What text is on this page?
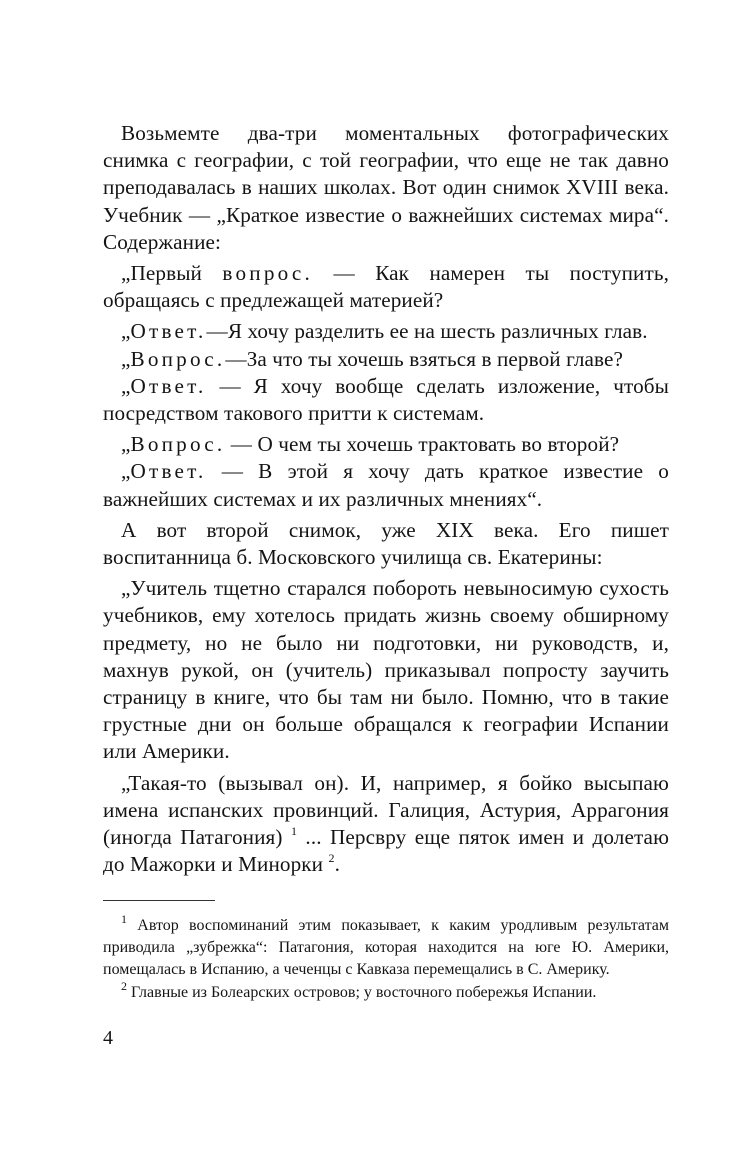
Возьмемте два-три моментальных фотографических снимка с географии, с той географии, что еще не так давно преподавалась в наших школах. Вот один снимок XVIII века. Учебник — „Краткое известие о важнейших системах мира“. Содержание:

„Первый вопрос. — Как намерен ты поступить, обращаясь с предлежащей материей?

„Ответ.—Я хочу разделить ее на шесть различных глав.

„Вопрос.—За что ты хочешь взяться в первой главе?

„Ответ. — Я хочу вообще сделать изложение, чтобы посредством такового притти к системам.

„Вопрос. — О чем ты хочешь трактовать во второй?

„Ответ. — В этой я хочу дать краткое известие о важнейших системах и их различных мнениях“.

А вот второй снимок, уже XIX века. Его пишет воспитанница б. Московского училища св. Екатерины:

„Учитель тщетно старался побороть невыносимую сухость учебников, ему хотелось придать жизнь своему обширному предмету, но не было ни подготовки, ни руководств, и, махнув рукой, он (учитель) приказывал попросту заучить страницу в книге, что бы там ни было. Помню, что в такие грустные дни он больше обращался к географии Испании или Америки.

„Такая-то (вызывал он). И, например, я бойко высыпаю имена испанских провинций. Галиция, Астурия, Аррагония (иногда Патагония) $^1$ ... Персвру еще пяток имен и долетаю до Мажорки и Минорки $^2$.

$^1$ Автор воспоминаний этим показывает, к каким уродливым результатам приводила „зубрежка“: Патагония, которая находится на юге Ю. Америки, помещалась в Испанию, а чеченцы с Кавказа перемещались в С. Америку.

$^2$ Главные из Болеарских островов; у восточного побережья Испании.

4
